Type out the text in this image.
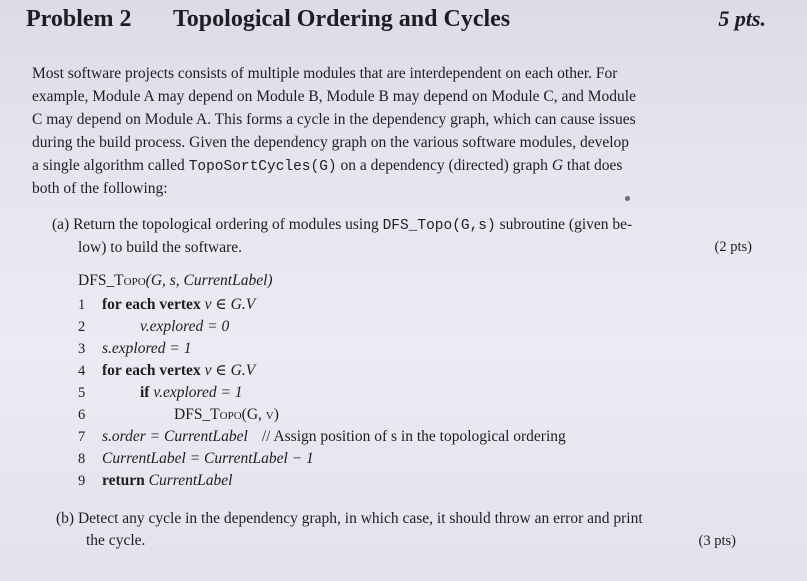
Problem 2 Topological Ordering and Cycles	5 pts.
Most software projects consists of multiple modules that are interdependent on each other. For
example, Module A may depend on Module B, Module B may depend on Module C, and Module
C may depend on Module A. This forms a cycle in the dependency graph, which can cause issues
during the build process. Given the dependency graph on the various software modules, develop
a single algorithm called TopoSortCycles(G) on a dependency (directed) graph G that does
both of the following:
(a) Return the topological ordering of modules using DFS_Topo(G,s) subroutine (given be-
low) to build the software.	(2 pts)
DFS_Topo(G, s, CurrentLabel)
1 for each vertex v ∈ G.V
2	v.explored = 0
3 s.explored = 1
4 for each vertex v ∈ G.V
5	if v.explored = 1
6	DFS_Topo(G, v)
7 s.order = CurrentLabel // Assign position of s in the topological ordering
8 CurrentLabel = CurrentLabel − 1
9 return CurrentLabel
(b) Detect any cycle in the dependency graph, in which case, it should throw an error and print
the cycle.	(3 pts)
